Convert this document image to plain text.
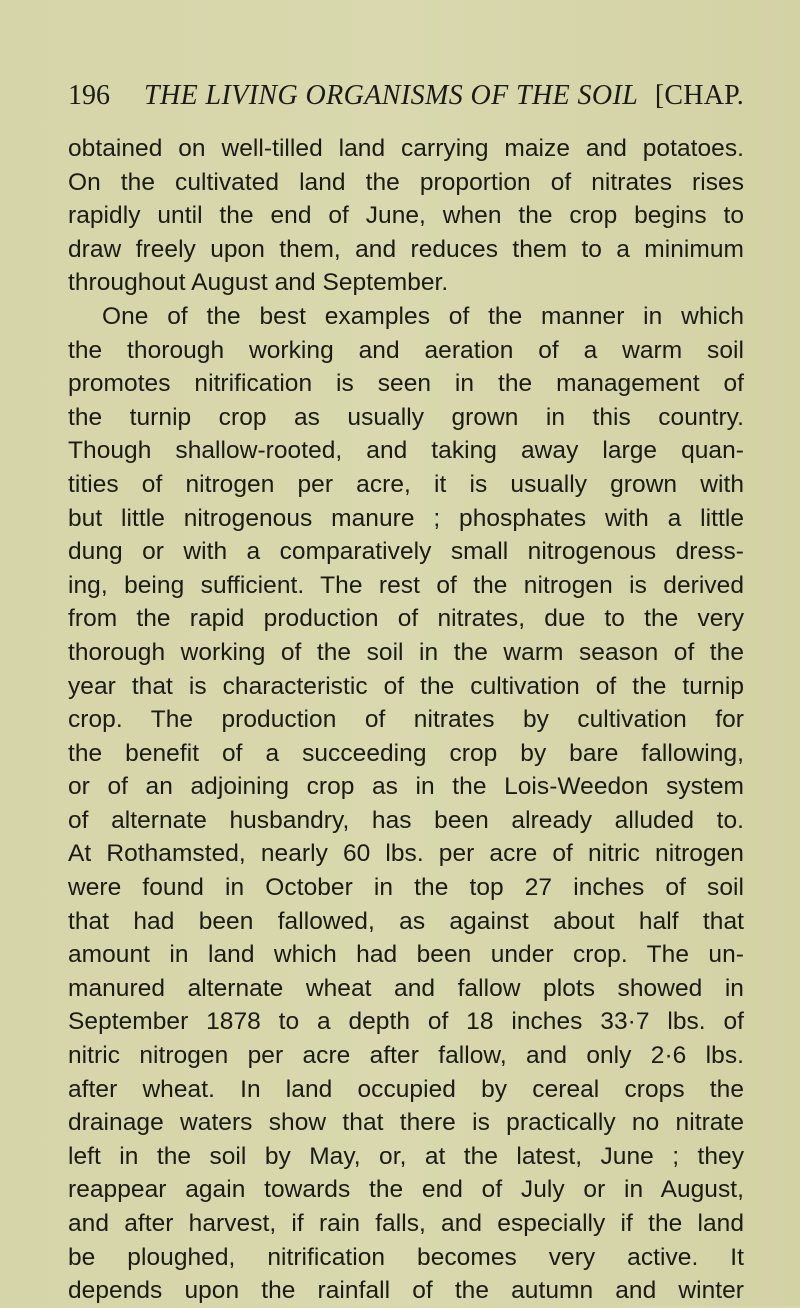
196 THE LIVING ORGANISMS OF THE SOIL [CHAP.
obtained on well-tilled land carrying maize and potatoes.
On the cultivated land the proportion of nitrates rises
rapidly until the end of June, when the crop begins to
draw freely upon them, and reduces them to a minimum
throughout August and September.
One of the best examples of the manner in which
the thorough working and aeration of a warm soil
promotes nitrification is seen in the management of
the turnip crop as usually grown in this country.
Though shallow-rooted, and taking away large quan-
tities of nitrogen per acre, it is usually grown with
but little nitrogenous manure ; phosphates with a little
dung or with a comparatively small nitrogenous dress-
ing, being sufficient. The rest of the nitrogen is derived
from the rapid production of nitrates, due to the very
thorough working of the soil in the warm season of the
year that is characteristic of the cultivation of the turnip
crop. The production of nitrates by cultivation for
the benefit of a succeeding crop by bare fallowing,
or of an adjoining crop as in the Lois-Weedon system
of alternate husbandry, has been already alluded to.
At Rothamsted, nearly 60 lbs. per acre of nitric nitrogen
were found in October in the top 27 inches of soil
that had been fallowed, as against about half that
amount in land which had been under crop. The un-
manured alternate wheat and fallow plots showed in
September 1878 to a depth of 18 inches 33·7 lbs. of
nitric nitrogen per acre after fallow, and only 2·6 lbs.
after wheat. In land occupied by cereal crops the
drainage waters show that there is practically no nitrate
left in the soil by May, or, at the latest, June ; they
reappear again towards the end of July or in August,
and after harvest, if rain falls, and especially if the land
be ploughed, nitrification becomes very active. It
depends upon the rainfall of the autumn and winter
